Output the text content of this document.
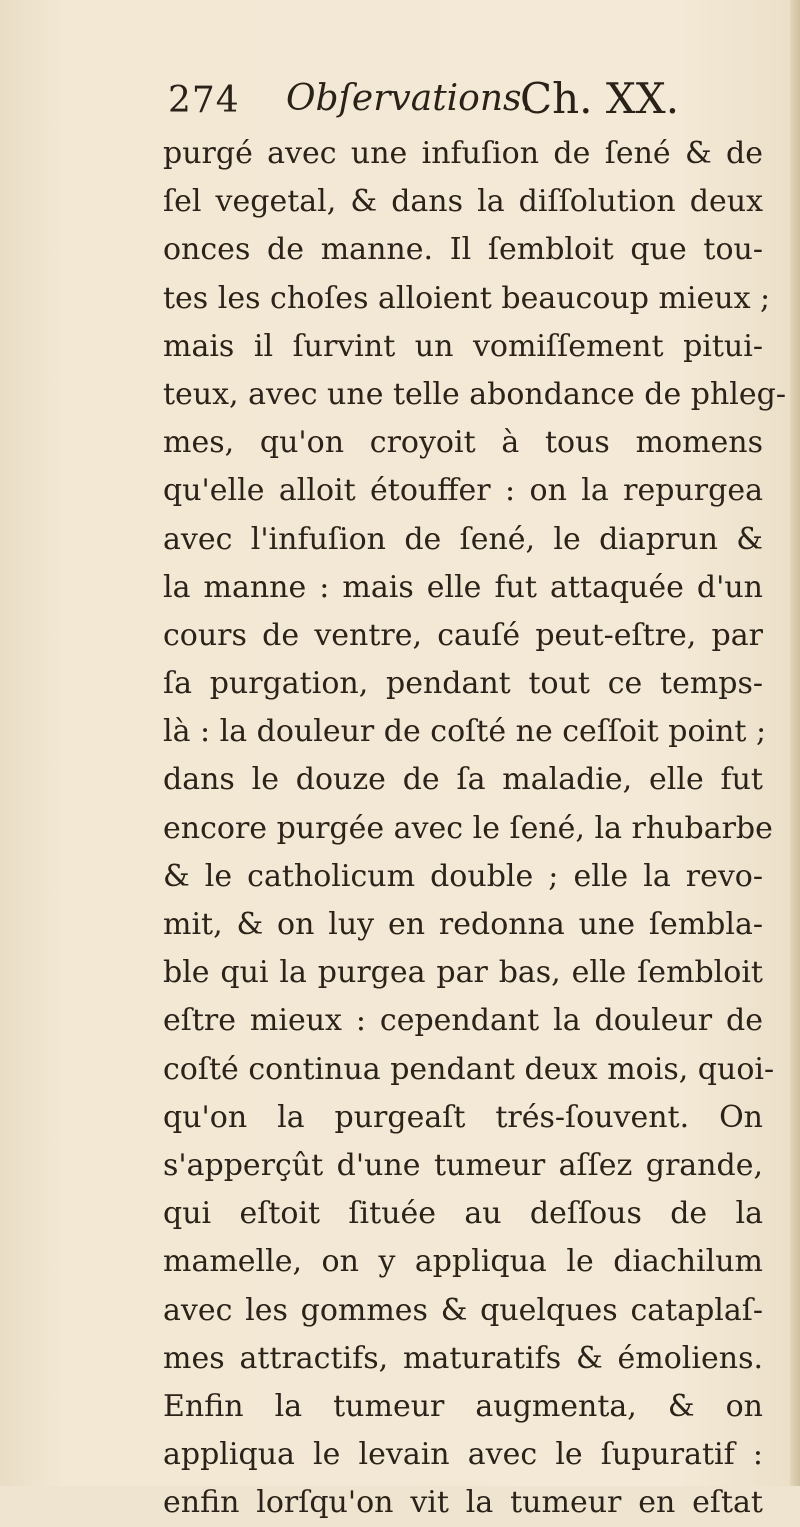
274 Obſervations.
Ch. XX.
purgé avec une infuſion de ſené & de
ſel vegetal, & dans la diſſolution deux
onces de manne. Il ſembloit que tou-
tes les choſes alloient beaucoup mieux ;
mais il ſurvint un vomiſſement pitui-
teux, avec une telle abondance de phleg-
mes, qu'on croyoit à tous momens
qu'elle alloit étouffer : on la repurgea
avec l'infuſion de ſené, le diaprun &
la manne : mais elle fut attaquée d'un
cours de ventre, cauſé peut-eſtre, par
ſa purgation, pendant tout ce temps-
là : la douleur de coſté ne ceſſoit point ;
dans le douze de ſa maladie, elle fut
encore purgée avec le ſené, la rhubarbe
& le catholicum double ; elle la revo-
mit, & on luy en redonna une ſembla-
ble qui la purgea par bas, elle ſembloit
eſtre mieux : cependant la douleur de
coſté continua pendant deux mois, quoi-
qu'on la purgeaſt trés-ſouvent. On
s'apperçût d'une tumeur aſſez grande,
qui eſtoit ſituée au deſſous de la
mamelle, on y appliqua le diachilum
avec les gommes & quelques cataplaſ-
mes attractifs, maturatifs & émoliens.
Enfin la tumeur augmenta, & on
appliqua le levain avec le ſupuratif :
enfin lorſqu'on vit la tumeur en eſtat
